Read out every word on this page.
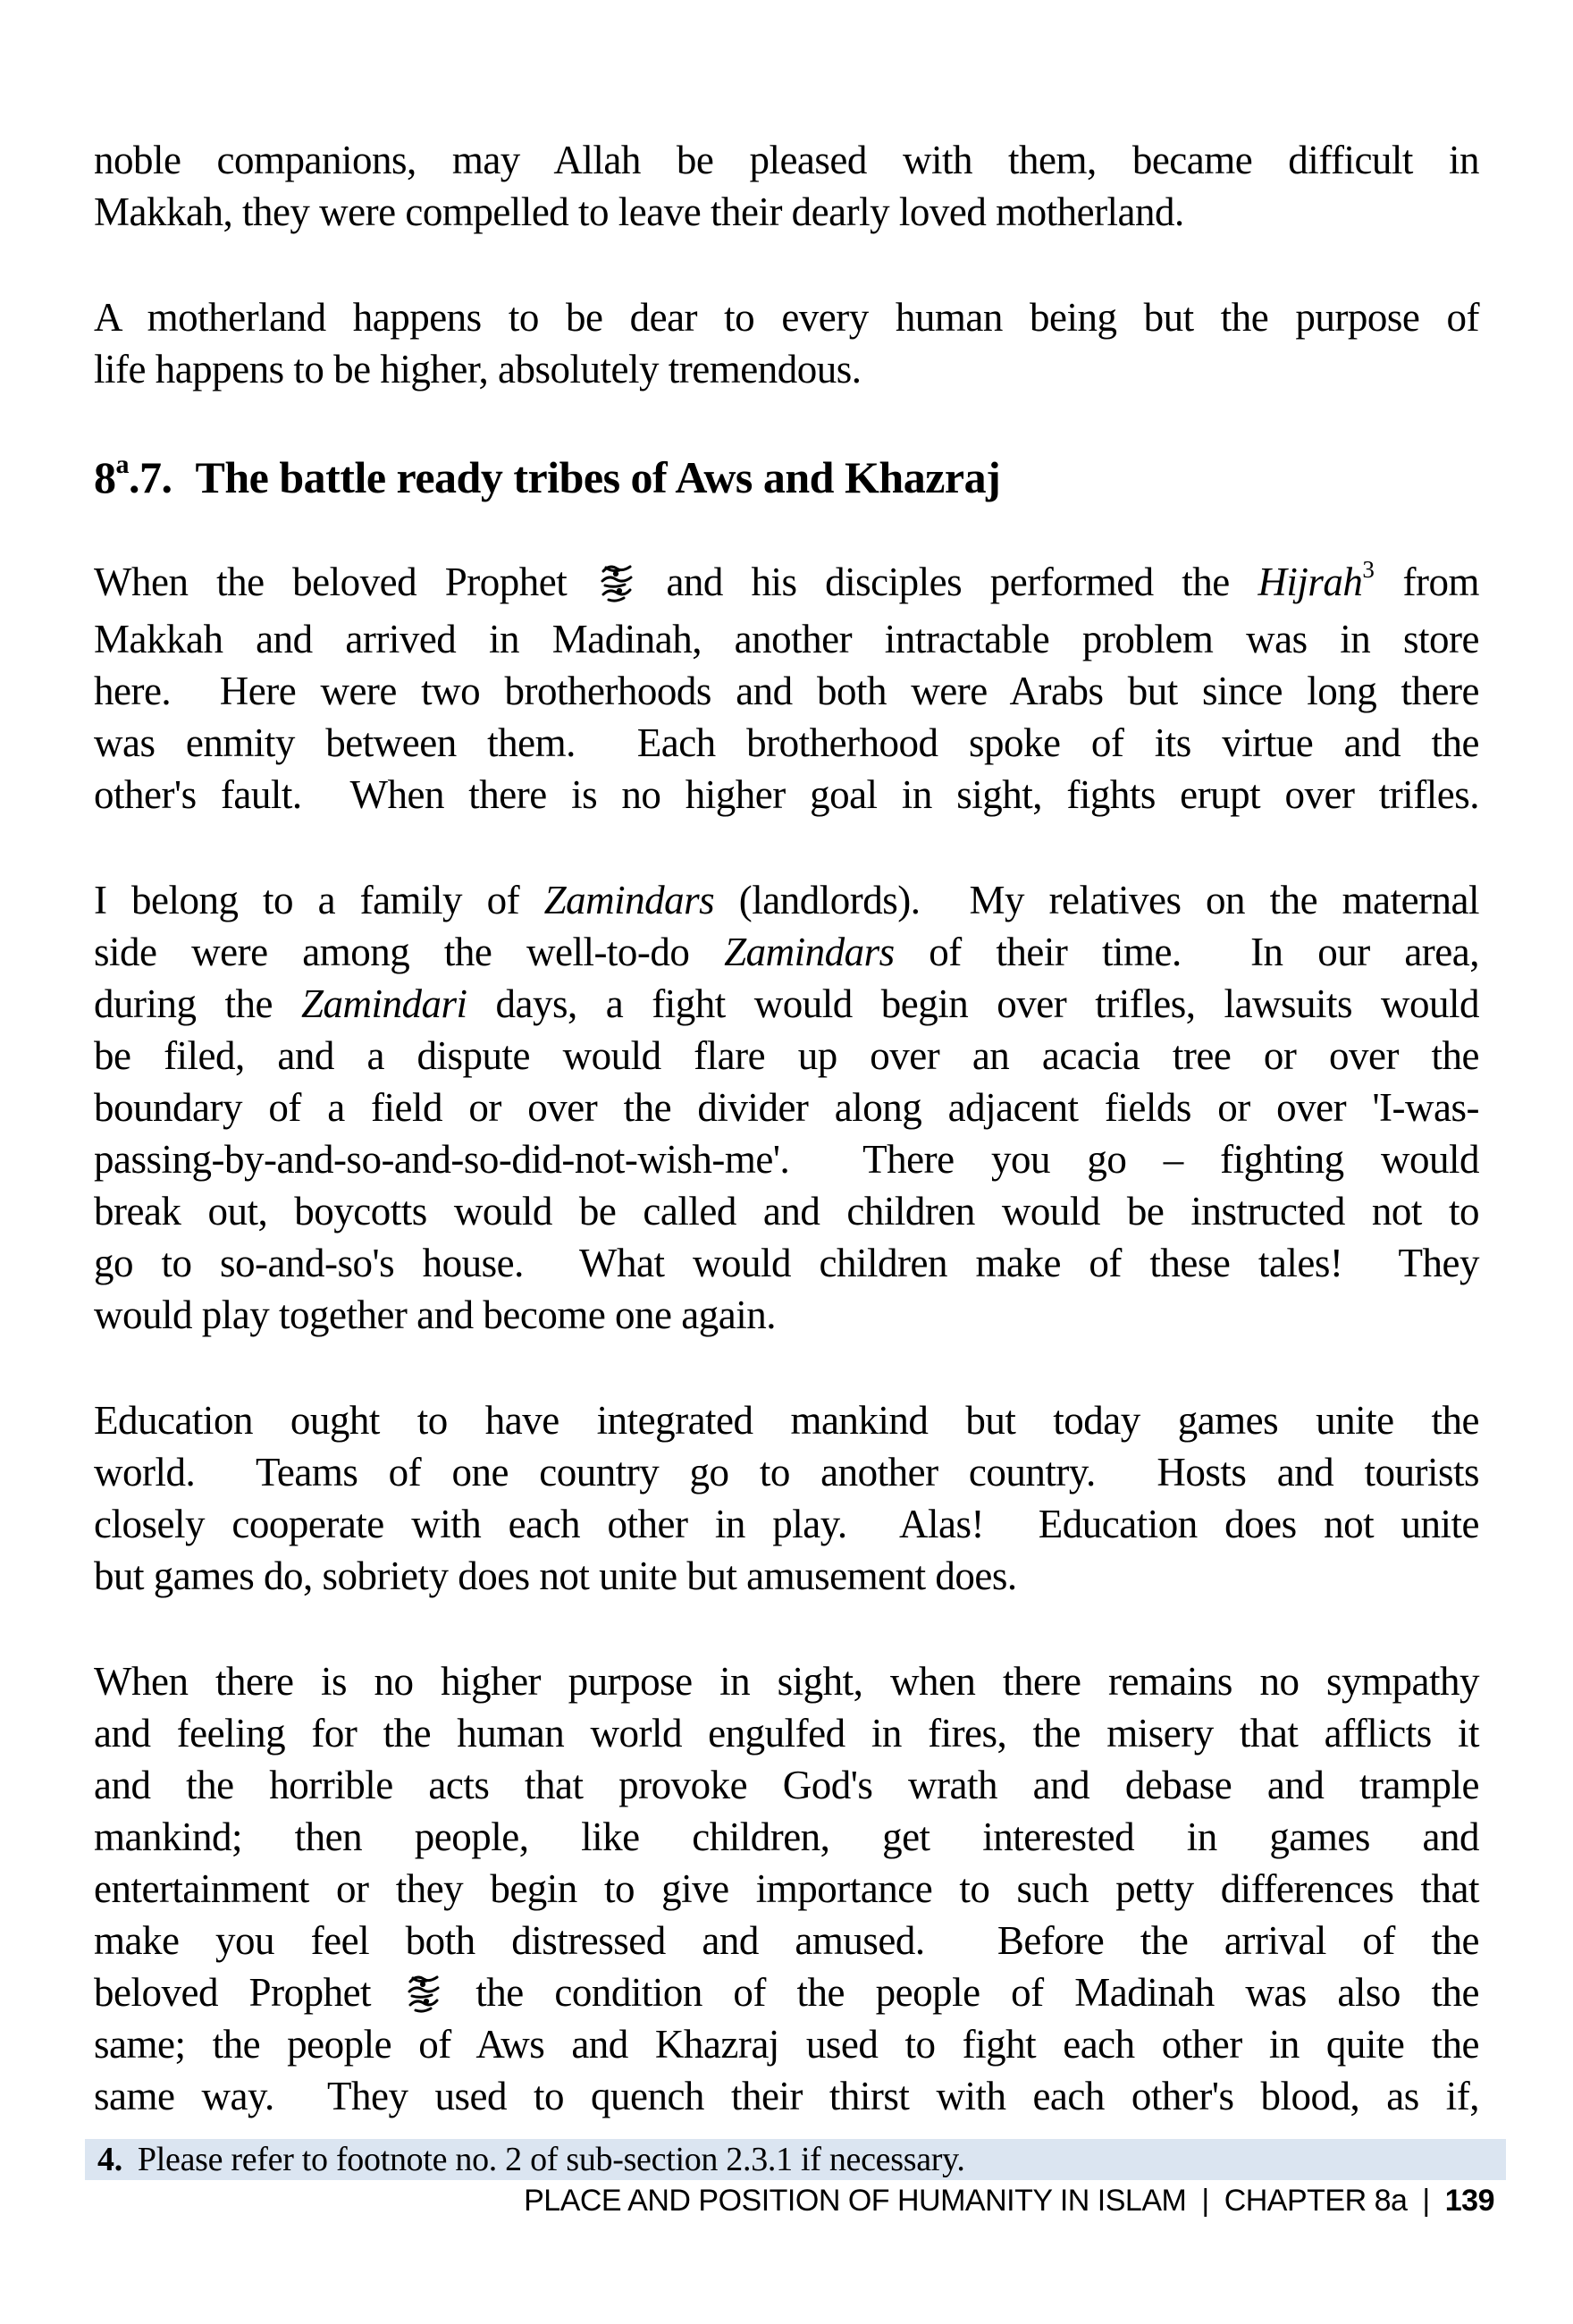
noble companions, may Allah be pleased with them, became difficult in
Makkah, they were compelled to leave their dearly loved motherland.
A motherland happens to be dear to every human being but the purpose of
life happens to be higher, absolutely tremendous.
8$^a$.7. The battle ready tribes of Aws and Khazraj
When the beloved Prophet  and his disciples performed the Hijrah$^3$ from
Makkah and arrived in Madinah, another intractable problem was in store
here.  Here were two brotherhoods and both were Arabs but since long there
was enmity between them.  Each brotherhood spoke of its virtue and the
other's fault.  When there is no higher goal in sight, fights erupt over trifles.
I belong to a family of Zamindars (landlords).  My relatives on the maternal
side were among the well-to-do Zamindars of their time.  In our area,
during the Zamindari days, a fight would begin over trifles, lawsuits would
be filed, and a dispute would flare up over an acacia tree or over the
boundary of a field or over the divider along adjacent fields or over 'I-was-
passing-by-and-so-and-so-did-not-wish-me'.  There you go – fighting would
break out, boycotts would be called and children would be instructed not to
go to so-and-so's house.  What would children make of these tales!  They
would play together and become one again.
Education ought to have integrated mankind but today games unite the
world.  Teams of one country go to another country.  Hosts and tourists
closely cooperate with each other in play.  Alas!  Education does not unite
but games do, sobriety does not unite but amusement does.
When there is no higher purpose in sight, when there remains no sympathy
and feeling for the human world engulfed in fires, the misery that afflicts it
and the horrible acts that provoke God's wrath and debase and trample
mankind; then people, like children, get interested in games and
entertainment or they begin to give importance to such petty differences that
make you feel both distressed and amused.  Before the arrival of the
beloved Prophet  the condition of the people of Madinah was also the
same; the people of Aws and Khazraj used to fight each other in quite the
same way.  They used to quench their thirst with each other's blood, as if,
4. Please refer to footnote no. 2 of sub-section 2.3.1 if necessary.
PLACE AND POSITION OF HUMANITY IN ISLAM | CHAPTER 8a | 139
